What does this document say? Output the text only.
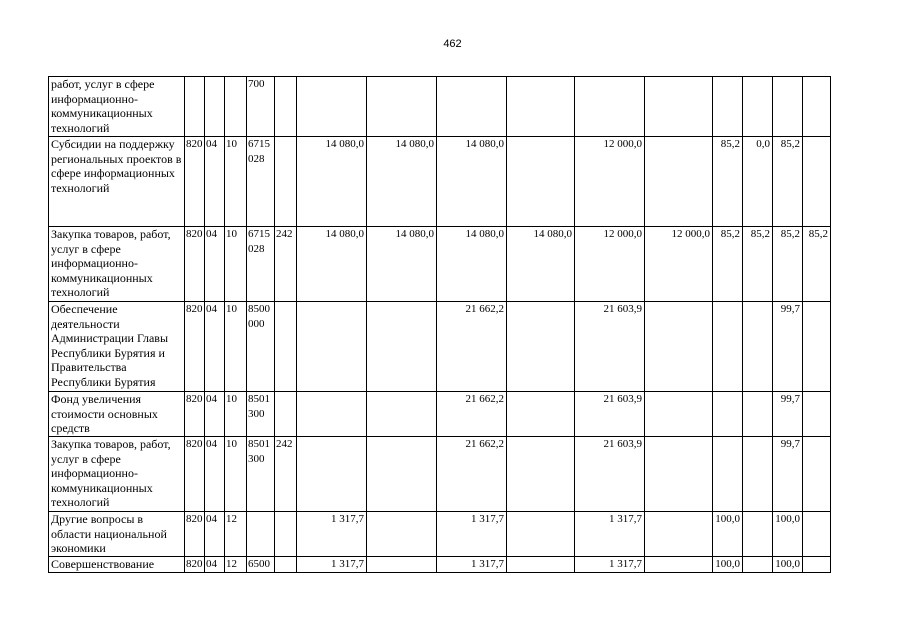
462
работ, услуг в сфере информационно-коммуникационных технологий				700											
Субсидии на поддержку региональных проектов в сфере информационных технологий	820	04	10	6715 028		14 080,0	14 080,0	14 080,0		12 000,0		85,2	0,0	85,2	
Закупка товаров, работ, услуг в сфере информационно-коммуникационных технологий	820	04	10	6715 028	242	14 080,0	14 080,0	14 080,0	14 080,0	12 000,0	12 000,0	85,2	85,2	85,2	85,2
Обеспечение деятельности Администрации Главы Республики Бурятия и Правительства Республики Бурятия	820	04	10	8500 000				21 662,2		21 603,9				99,7	
Фонд увеличения стоимости основных средств	820	04	10	8501 300				21 662,2		21 603,9				99,7	
Закупка товаров, работ, услуг в сфере информационно-коммуникационных технологий	820	04	10	8501 300	242			21 662,2		21 603,9				99,7	
Другие вопросы в области национальной экономики	820	04	12			1 317,7		1 317,7		1 317,7		100,0		100,0	
Совершенствование	820	04	12	6500		1 317,7		1 317,7		1 317,7		100,0		100,0	
